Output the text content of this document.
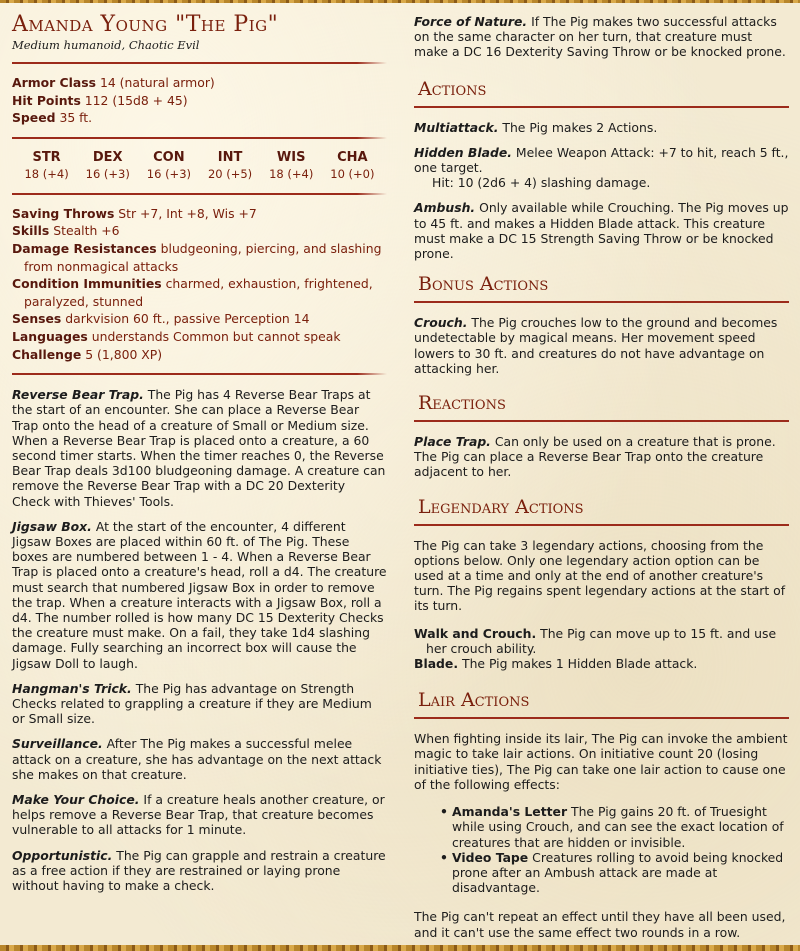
Amanda Young "The Pig"
Medium humanoid, Chaotic Evil
Armor Class 14 (natural armor)
Hit Points 112 (15d8 + 45)
Speed 35 ft.
STR
18 (+4)
DEX
16 (+3)
CON
16 (+3)
INT
20 (+5)
WIS
18 (+4)
CHA
10 (+0)
Saving Throws Str +7, Int +8, Wis +7
Skills Stealth +6
Damage Resistances bludgeoning, piercing, and slashing from nonmagical attacks
Condition Immunities charmed, exhaustion, frightened, paralyzed, stunned
Senses darkvision 60 ft., passive Perception 14
Languages understands Common but cannot speak
Challenge 5 (1,800 XP)
Reverse Bear Trap. The Pig has 4 Reverse Bear Traps at the start of an encounter. She can place a Reverse Bear Trap onto the head of a creature of Small or Medium size. When a Reverse Bear Trap is placed onto a creature, a 60 second timer starts. When the timer reaches 0, the Reverse Bear Trap deals 3d100 bludgeoning damage. A creature can remove the Reverse Bear Trap with a DC 20 Dexterity Check with Thieves' Tools.
Jigsaw Box. At the start of the encounter, 4 different Jigsaw Boxes are placed within 60 ft. of The Pig. These boxes are numbered between 1 - 4. When a Reverse Bear Trap is placed onto a creature's head, roll a d4. The creature must search that numbered Jigsaw Box in order to remove the trap. When a creature interacts with a Jigsaw Box, roll a d4. The number rolled is how many DC 15 Dexterity Checks the creature must make. On a fail, they take 1d4 slashing damage. Fully searching an incorrect box will cause the Jigsaw Doll to laugh.
Hangman's Trick. The Pig has advantage on Strength Checks related to grappling a creature if they are Medium or Small size.
Surveillance. After The Pig makes a successful melee attack on a creature, she has advantage on the next attack she makes on that creature.
Make Your Choice. If a creature heals another creature, or helps remove a Reverse Bear Trap, that creature becomes vulnerable to all attacks for 1 minute.
Opportunistic. The Pig can grapple and restrain a creature as a free action if they are restrained or laying prone without having to make a check.
Force of Nature. If The Pig makes two successful attacks on the same character on her turn, that creature must make a DC 16 Dexterity Saving Throw or be knocked prone.
Actions
Multiattack. The Pig makes 2 Actions.
Hidden Blade. Melee Weapon Attack: +7 to hit, reach 5 ft., one target.
Hit: 10 (2d6 + 4) slashing damage.
Ambush. Only available while Crouching. The Pig moves up to 45 ft. and makes a Hidden Blade attack. This creature must make a DC 15 Strength Saving Throw or be knocked prone.
Bonus Actions
Crouch. The Pig crouches low to the ground and becomes undetectable by magical means. Her movement speed lowers to 30 ft. and creatures do not have advantage on attacking her.
Reactions
Place Trap. Can only be used on a creature that is prone. The Pig can place a Reverse Bear Trap onto the creature adjacent to her.
Legendary Actions
The Pig can take 3 legendary actions, choosing from the options below. Only one legendary action option can be used at a time and only at the end of another creature's turn. The Pig regains spent legendary actions at the start of its turn.
Walk and Crouch. The Pig can move up to 15 ft. and use her crouch ability.
Blade. The Pig makes 1 Hidden Blade attack.
Lair Actions
When fighting inside its lair, The Pig can invoke the ambient magic to take lair actions. On initiative count 20 (losing initiative ties), The Pig can take one lair action to cause one of the following effects:
• Amanda's Letter The Pig gains 20 ft. of Truesight while using Crouch, and can see the exact location of creatures that are hidden or invisible.
• Video Tape Creatures rolling to avoid being knocked prone after an Ambush attack are made at disadvantage.
The Pig can't repeat an effect until they have all been used, and it can't use the same effect two rounds in a row.
